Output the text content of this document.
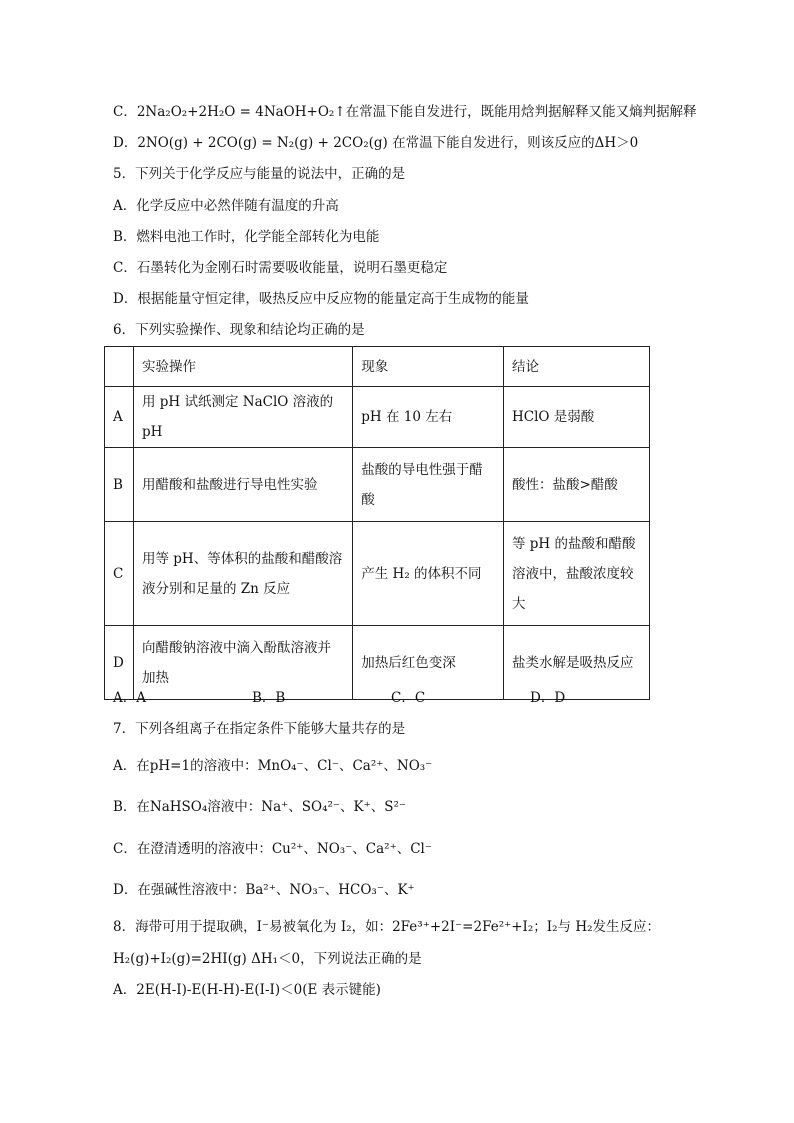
C．2Na₂O₂+2H₂O = 4NaOH+O₂↑在常温下能自发进行，既能用焓判据解释又能又熵判据解释
D．2NO(g) + 2CO(g) = N₂(g) + 2CO₂(g) 在常温下能自发进行，则该反应的ΔH＞0
5．下列关于化学反应与能量的说法中，正确的是
A．化学反应中必然伴随有温度的升高
B．燃料电池工作时，化学能全部转化为电能
C．石墨转化为金刚石时需要吸收能量，说明石墨更稳定
D．根据能量守恒定律，吸热反应中反应物的能量定高于生成物的能量
6．下列实验操作、现象和结论均正确的是
	实验操作	现象	结论
A	用 pH 试纸测定 NaClO 溶液的 pH	pH 在 10 左右	HClO 是弱酸
B	用醋酸和盐酸进行导电性实验	盐酸的导电性强于醋酸	酸性：盐酸>醋酸
C	用等 pH、等体积的盐酸和醋酸溶液分别和足量的 Zn 反应	产生 H₂ 的体积不同	等 pH 的盐酸和醋酸溶液中，盐酸浓度较大
D	向醋酸钠溶液中滴入酚酞溶液并加热	加热后红色变深	盐类水解是吸热反应
A．A	B．B	C．C	D．D
7．下列各组离子在指定条件下能够大量共存的是
A．在pH=1的溶液中：MnO₄⁻、Cl⁻、Ca²⁺、NO₃⁻
B．在NaHSO₄溶液中：Na⁺、SO₄²⁻、K⁺、S²⁻
C．在澄清透明的溶液中：Cu²⁺、NO₃⁻、Ca²⁺、Cl⁻
D．在强碱性溶液中：Ba²⁺、NO₃⁻、HCO₃⁻、K⁺
8．海带可用于提取碘，I⁻易被氧化为 I₂，如：2Fe³⁺+2I⁻=2Fe²⁺+I₂；I₂与 H₂发生反应：
H₂(g)+I₂(g)=2HI(g) ΔH₁＜0，下列说法正确的是
A．2E(H-I)-E(H-H)-E(I-I)＜0(E 表示键能)
